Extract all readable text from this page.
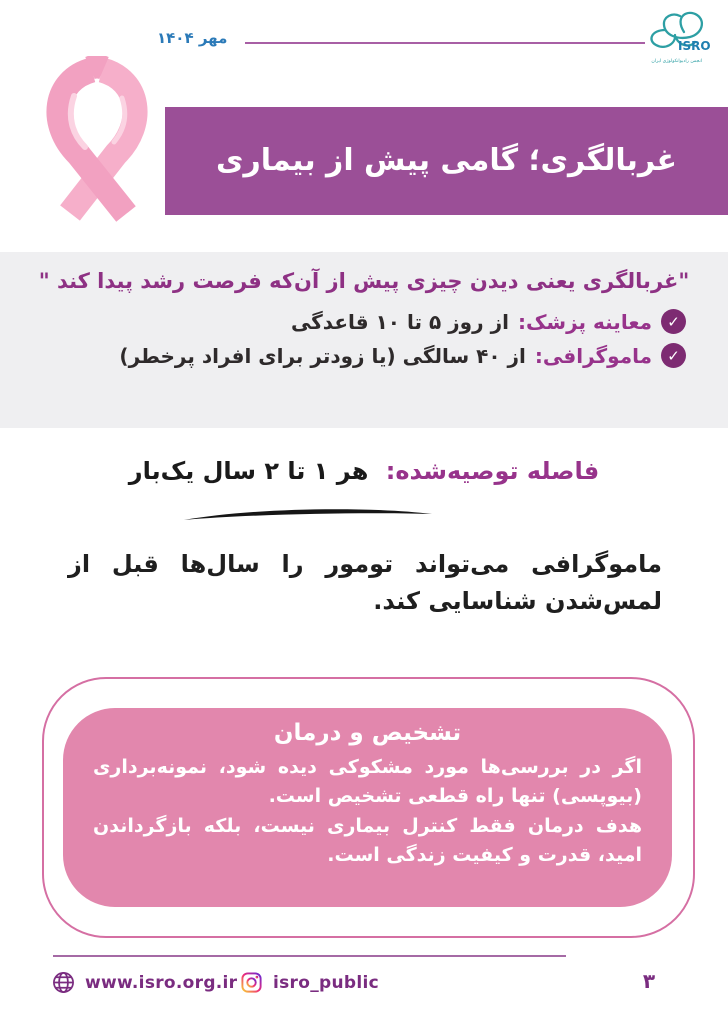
مهر ۱۴۰۴	ISRO
انجمن رادیوانکولوژی ایران
غربالگری؛ گامی پیش از بیماری
"غربالگری یعنی دیدن چیزی پیش از آن‌که فرصت رشد پیدا کند "
✓
معاینه پزشک:
از روز ۵ تا ۱۰ قاعدگی
✓
ماموگرافی:
از ۴۰ سالگی (یا زودتر برای افراد پرخطر)
فاصله توصیه‌شده: هر ۱ تا ۲ سال یک‌بار

ماموگرافی می‌تواند تومور را سال‌ها قبل از لمس‌شدن شناسایی کند.

تشخیص و درمان

اگر در بررسی‌ها مورد مشکوکی دیده شود، نمونه‌برداری (بیوپسی) تنها راه قطعی تشخیص است.

هدف درمان فقط کنترل بیماری نیست، بلکه بازگرداندن امید، قدرت و کیفیت زندگی است.

www.isro.org.ir isro_public	۳
